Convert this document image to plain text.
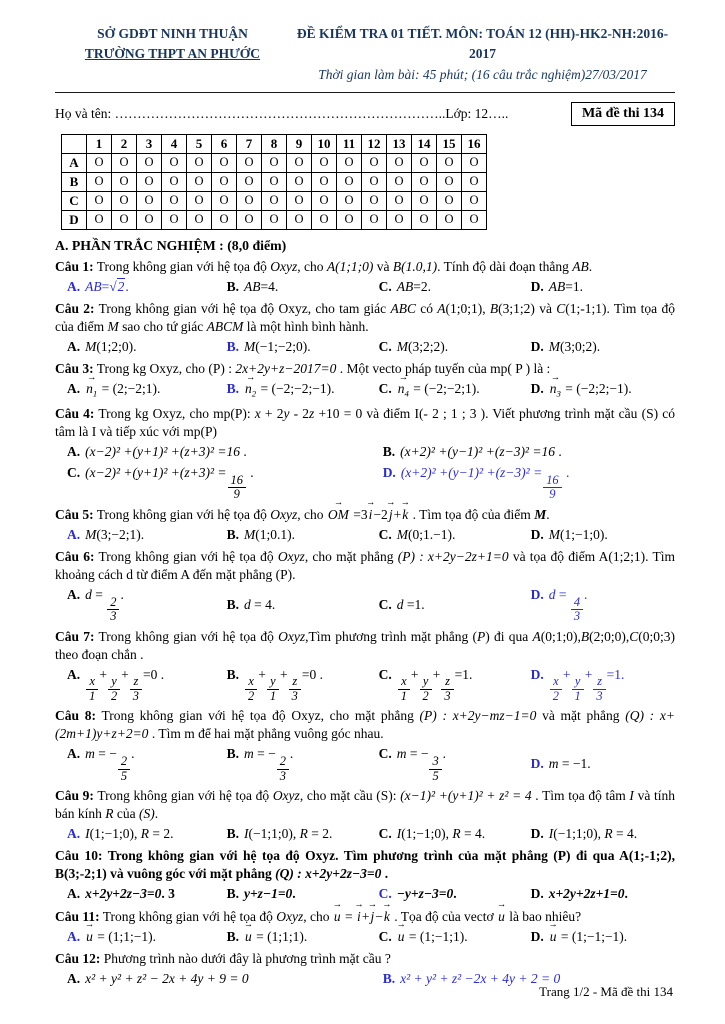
SỞ GDĐT NINH THUẬN
TRƯỜNG THPT AN PHƯỚC
ĐỀ KIỂM TRA 01 TIẾT. MÔN: TOÁN 12 (HH)-HK2-NH:2016-2017
Thời gian làm bài: 45 phút; (16 câu trắc nghiệm)27/03/2017
Họ và tên: ………………………………………………………………..Lớp: 12…..	Mã đề thi 134
	1	2	3	4	5	6	7	8	9	10	11	12	13	14	15	16
A	O	O	O	O	O	O	O	O	O	O	O	O	O	O	O	O
B	O	O	O	O	O	O	O	O	O	O	O	O	O	O	O	O
C	O	O	O	O	O	O	O	O	O	O	O	O	O	O	O	O
D	O	O	O	O	O	O	O	O	O	O	O	O	O	O	O	O
A. PHẦN TRẮC NGHIỆM : (8,0 điểm)
Câu 1: Trong không gian với hệ tọa độ Oxyz, cho A(1;1;0) và B(1.0,1). Tính độ dài đoạn thẳng AB.
A. AB=√2.	B. AB=4.	C. AB=2.	D. AB=1.
Câu 2: Trong không gian với hệ tọa độ Oxyz, cho tam giác ABC có A(1;0;1), B(3;1;2) và C(1;-1;1). Tìm tọa độ của điểm M sao cho tứ giác ABCM là một hình bình hành.
A. M(1;2;0).	B. M(−1;−2;0).	C. M(3;2;2).	D. M(3;0;2).
Câu 3: Trong kg Oxyz, cho (P) : 2x+2y+z−2017=0 . Một vecto pháp tuyến của mp( P ) là :
A. → $n_1$ = (2;−2;1).	B. → $n_2$ = (−2;−2;−1).	C. → $n_4$ = (−2;−2;1).	D. → $n_3$ = (−2;2;−1).
Câu 4: Trong kg Oxyz, cho mp(P): x + 2y - 2z +10 = 0 và điểm I(- 2 ; 1 ; 3 ). Viết phương trình mặt cầu (S) có tâm là I và tiếp xúc với mp(P)
A. (x−2)² +(y+1)² +(z+3)² =16 .	B. (x+2)² +(y−1)² +(z−3)² =16 .
C. (x−2)² +(y+1)² +(z+3)² =
$\frac{16}{9}$
.	D. (x+2)² +(y−1)² +(z−3)² =
$\frac{16}{9}$
.
Câu 5: Trong không gian với hệ tọa độ Oxyz, cho → OM =3→ i−2→ j+→ k . Tìm tọa độ của điểm M.
A. M(3;−2;1).	B. M(1;0.1).	C. M(0;1.−1).	D. M(1;−1;0).
Câu 6: Trong không gian với hệ tọa độ Oxyz, cho mặt phẳng (P) : x+2y−2z+1=0 và tọa độ điểm A(1;2;1). Tìm khoảng cách d từ điểm A đến mặt phẳng (P).
A. d =
$\frac{2}{3}$
.
B. d = 4.	C. d =1.
D. d =
$\frac{4}{3}$
.
Câu 7: Trong không gian với hệ tọa độ Oxyz,Tìm phương trình mặt phẳng (P) đi qua A(0;1;0),B(2;0;0),C(0;0;3) theo đoạn chắn .
A.
$\frac{x}{1}$
+
$\frac{y}{2}$
+
$\frac{z}{3}$
=0 .	B.
$\frac{x}{2}$
+
$\frac{y}{1}$
+
$\frac{z}{3}$
=0 .	C.
$\frac{x}{1}$
+
$\frac{y}{2}$
+
$\frac{z}{3}$
=1.	D.
$\frac{x}{2}$
+
$\frac{y}{1}$
+
$\frac{z}{3}$
=1.
Câu 8: Trong không gian với hệ tọa độ Oxyz, cho mặt phẳng (P) : x+2y−mz−1=0 và mặt phẳng (Q) : x+(2m+1)y+z+2=0 . Tìm m để hai mặt phẳng vuông góc nhau.
A. m = −
$\frac{2}{5}$
.	B. m = −
$\frac{2}{3}$
.	C. m = −
$\frac{3}{5}$
.
D. m = −1.
Câu 9: Trong không gian với hệ tọa độ Oxyz, cho mặt cầu (S): (x−1)² +(y+1)² + z² = 4 . Tìm tọa độ tâm I và tính bán kính R của (S).
A. I(1;−1;0), R = 2.	B. I(−1;1;0), R = 2.	C. I(1;−1;0), R = 4.	D. I(−1;1;0), R = 4.
Câu 10: Trong không gian với hệ tọa độ Oxyz. Tìm phương trình của mặt phẳng (P) đi qua A(1;-1;2), B(3;-2;1) và vuông góc với mặt phẳng (Q) : x+2y+2z−3=0 .
A. x+2y+2z−3=0. 3	B. y+z−1=0.	C. −y+z−3=0.	D. x+2y+2z+1=0.
Câu 11: Trong không gian với hệ tọa độ Oxyz, cho → u = → i+→ j−→ k . Tọa độ của vectơ → u là bao nhiêu?
A. → u = (1;1;−1).	B. → u = (1;1;1).	C. → u = (1;−1;1).	D. → u = (1;−1;−1).
Câu 12: Phương trình nào dưới đây là phương trình mặt cầu ?
A. x² + y² + z² − 2x + 4y + 9 = 0	B. x² + y² + z² −2x + 4y + 2 = 0
Trang 1/2 - Mã đề thi 134
